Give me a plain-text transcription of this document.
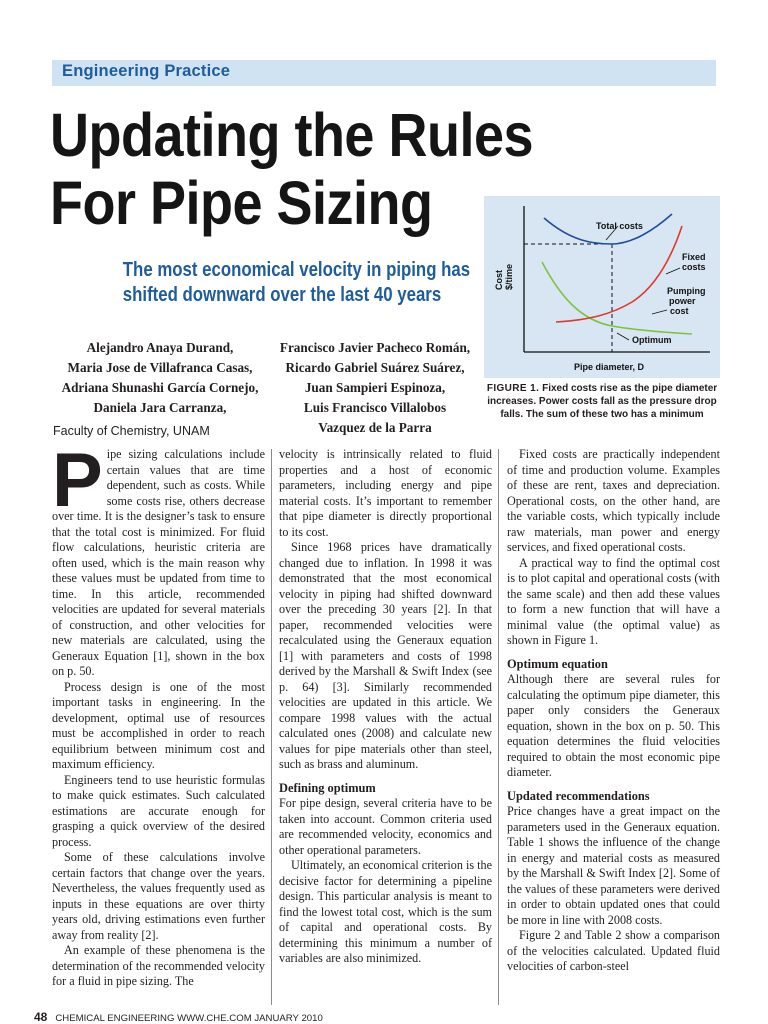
Engineering Practice
Updating the Rules
For Pipe Sizing
The most economical velocity in piping has
shifted downward over the last 40 years
Alejandro Anaya Durand,
Maria Jose de Villafranca Casas,
Adriana Shunashi García Cornejo,
Daniela Jara Carranza,
Francisco Javier Pacheco Román,
Ricardo Gabriel Suárez Suárez,
Juan Sampieri Espinoza,
Luis Francisco Villalobos
Vazquez de la Parra
Faculty of Chemistry, UNAM
Total costs
Fixed
costs
Pumping
power
cost
Optimum
Pipe diameter, D
Cost $/time
FIGURE 1. Fixed costs rise as the pipe diameter increases. Power costs fall as the pressure drop falls. The sum of these two has a minimum
P ipe sizing calculations include certain values that are time dependent, such as costs. While some costs rise, others decrease over time. It is the designer’s task to ensure that the total cost is minimized. For fluid flow calculations, heuristic criteria are often used, which is the main reason why these values must be updated from time to time. In this article, recommended velocities are updated for several materials of construction, and other velocities for new materials are calculated, using the Generaux Equation [1], shown in the box on p. 50.

Process design is one of the most important tasks in engineering. In the development, optimal use of resources must be accomplished in order to reach equilibrium between minimum cost and maximum efficiency.

Engineers tend to use heuristic formulas to make quick estimates. Such calculated estimations are accurate enough for grasping a quick overview of the desired process.

Some of these calculations involve certain factors that change over the years. Nevertheless, the values frequently used as inputs in these equations are over thirty years old, driving estimations even further away from reality [2].

An example of these phenomena is the determination of the recommended velocity for a fluid in pipe sizing. The

velocity is intrinsically related to fluid properties and a host of economic parameters, including energy and pipe material costs. It’s important to remember that pipe diameter is directly proportional to its cost.

Since 1968 prices have dramatically changed due to inflation. In 1998 it was demonstrated that the most economical velocity in piping had shifted downward over the preceding 30 years [2]. In that paper, recommended velocities were recalculated using the Generaux equation [1] with parameters and costs of 1998 derived by the Marshall & Swift Index (see p. 64) [3]. Similarly recommended velocities are updated in this article. We compare 1998 values with the actual calculated ones (2008) and calculate new values for pipe materials other than steel, such as brass and aluminum.

Defining optimum

For pipe design, several criteria have to be taken into account. Common criteria used are recommended velocity, economics and other operational parameters.

Ultimately, an economical criterion is the decisive factor for determining a pipeline design. This particular analysis is meant to find the lowest total cost, which is the sum of capital and operational costs. By determining this minimum a number of variables are also minimized.

Fixed costs are practically independent of time and production volume. Examples of these are rent, taxes and depreciation. Operational costs, on the other hand, are the variable costs, which typically include raw materials, man power and energy services, and fixed operational costs.

A practical way to find the optimal cost is to plot capital and operational costs (with the same scale) and then add these values to form a new function that will have a minimal value (the optimal value) as shown in Figure 1.

Optimum equation

Although there are several rules for calculating the optimum pipe diameter, this paper only considers the Generaux equation, shown in the box on p. 50. This equation determines the fluid velocities required to obtain the most economic pipe diameter.

Updated recommendations

Price changes have a great impact on the parameters used in the Generaux equation. Table 1 shows the influence of the change in energy and material costs as measured by the Marshall & Swift Index [2]. Some of the values of these parameters were derived in order to obtain updated ones that could be more in line with 2008 costs.

Figure 2 and Table 2 show a comparison of the velocities calculated. Updated fluid velocities of carbon-steel

48 CHEMICAL ENGINEERING WWW.CHE.COM JANUARY 2010
